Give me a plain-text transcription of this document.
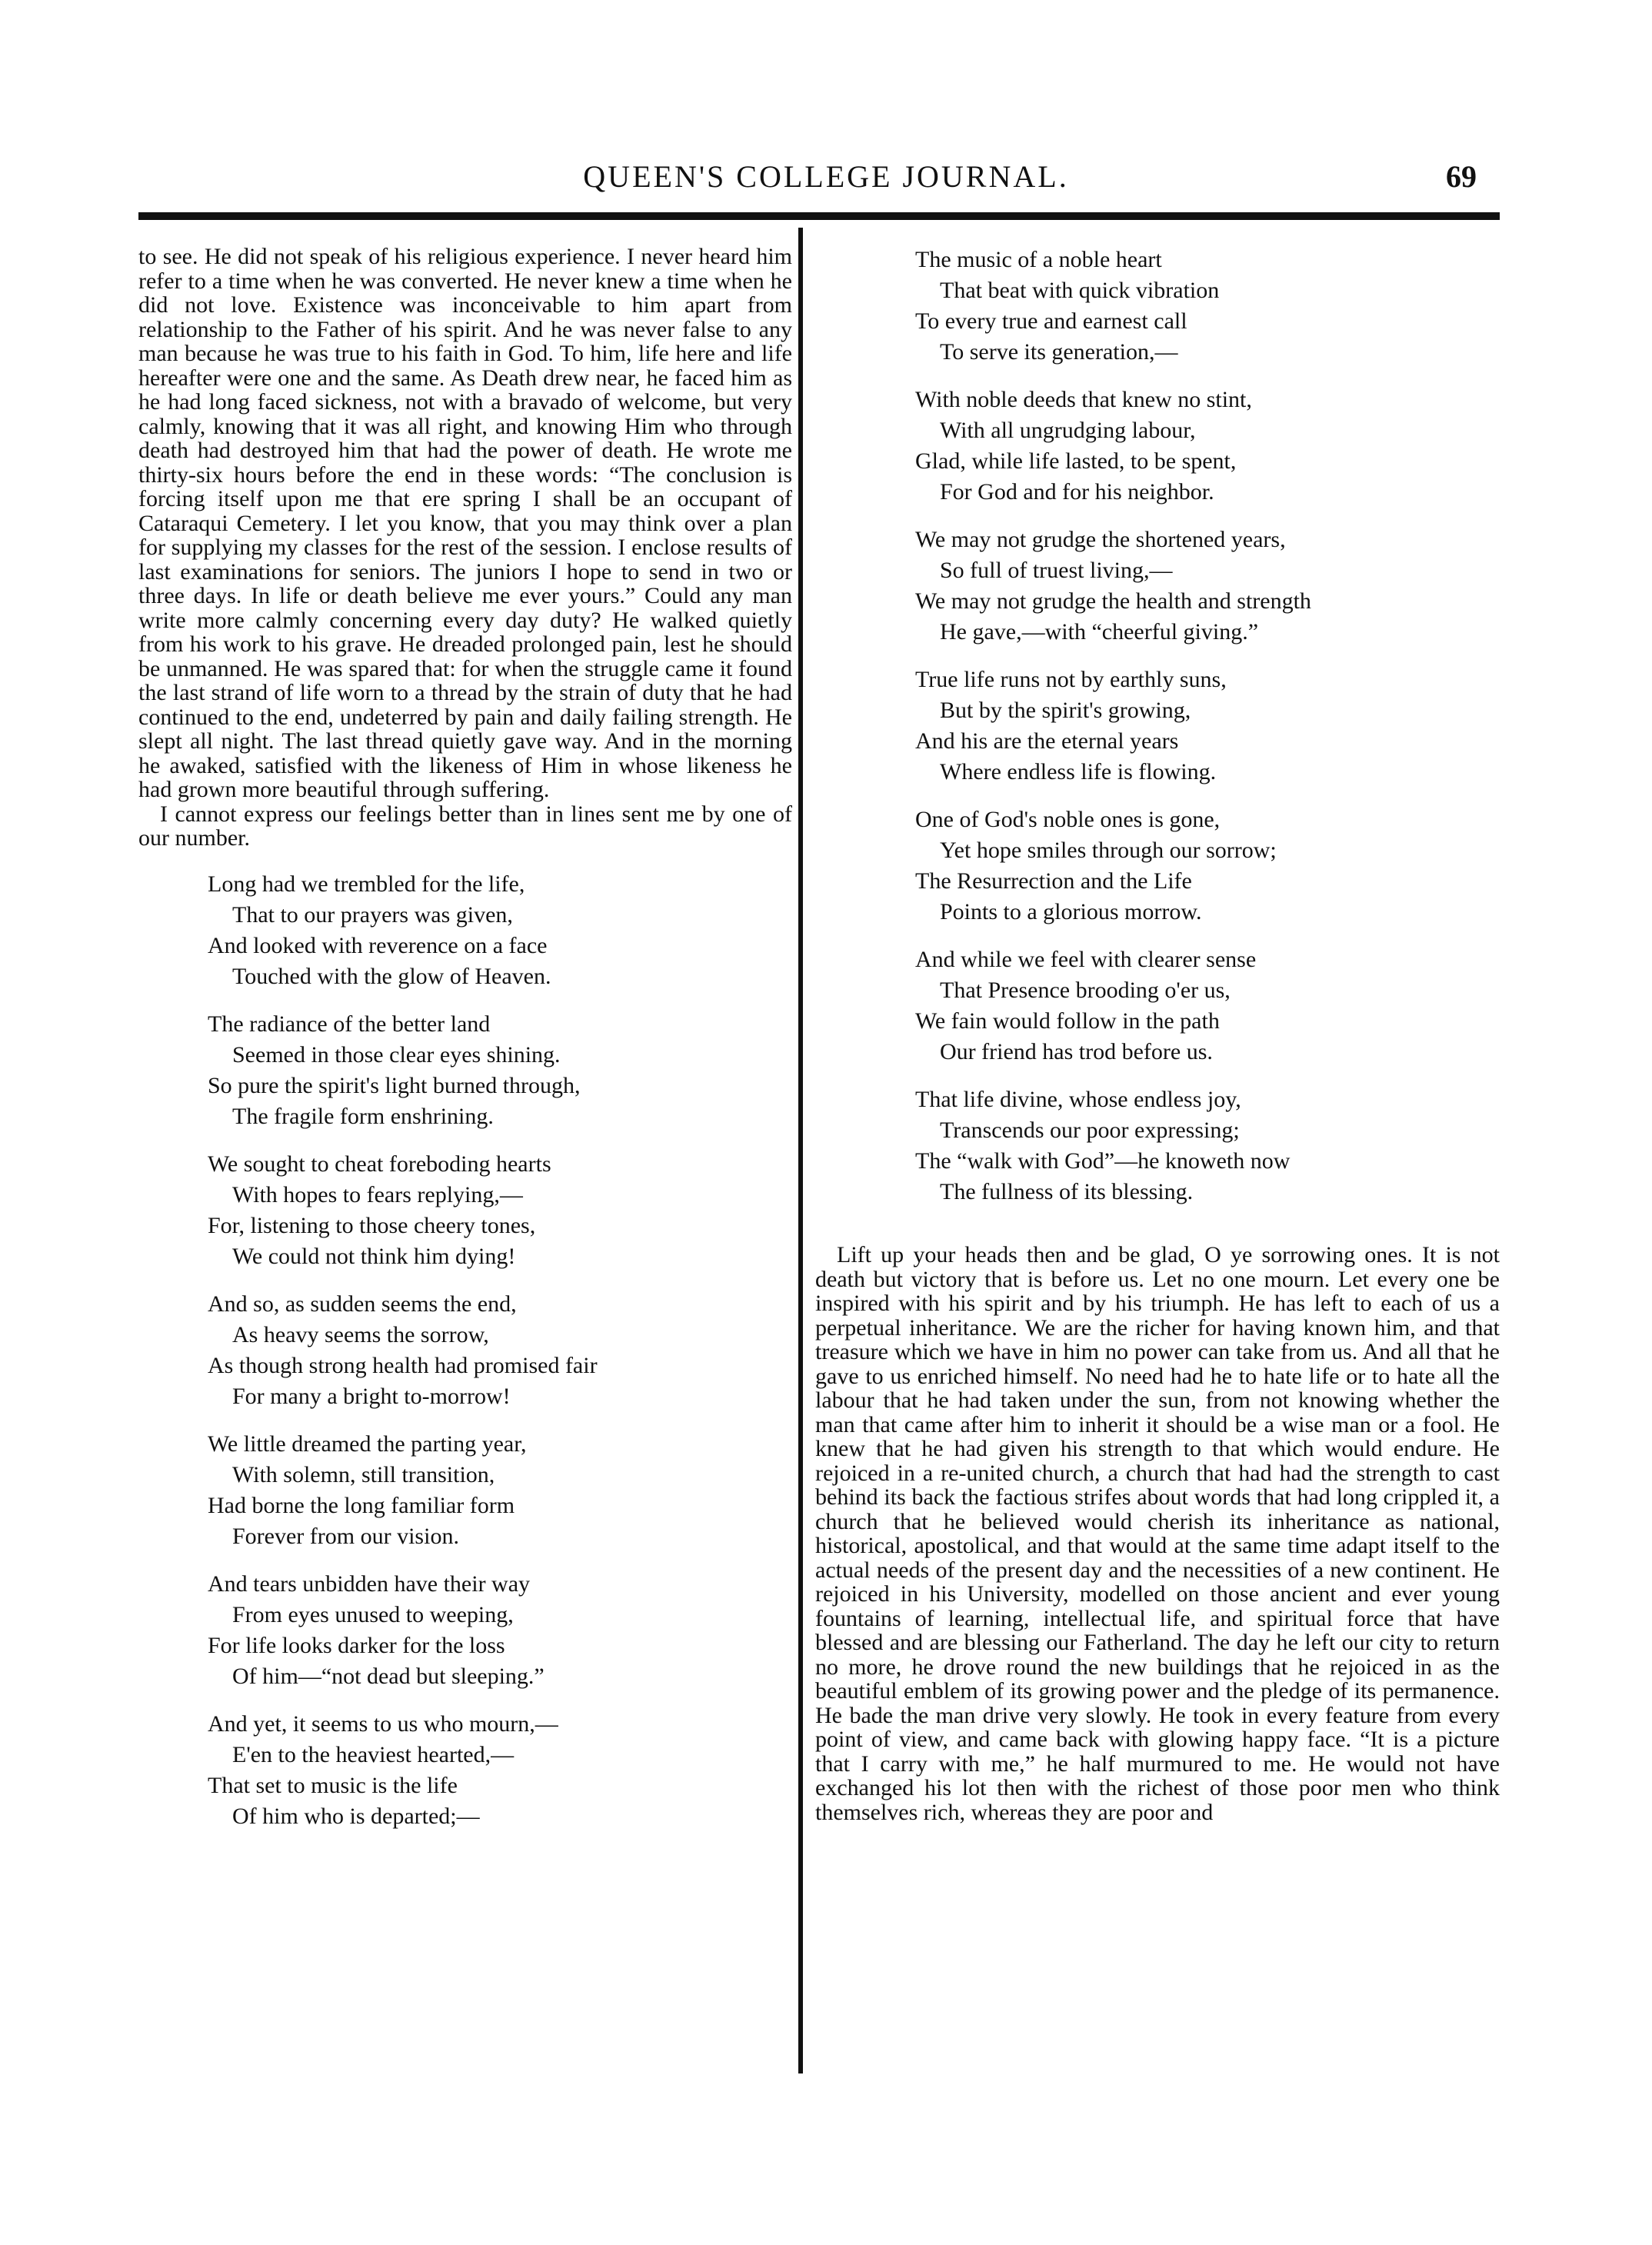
QUEEN'S COLLEGE JOURNAL.	69

to see. He did not speak of his religious experience. I never heard him refer to a time when he was converted. He never knew a time when he did not love. Existence was inconceivable to him apart from relationship to the Father of his spirit. And he was never false to any man because he was true to his faith in God. To him, life here and life hereafter were one and the same. As Death drew near, he faced him as he had long faced sickness, not with a bravado of welcome, but very calmly, knowing that it was all right, and knowing Him who through death had destroyed him that had the power of death. He wrote me thirty-six hours before the end in these words: “The conclusion is forcing itself upon me that ere spring I shall be an occupant of Cataraqui Cemetery. I let you know, that you may think over a plan for supplying my classes for the rest of the session. I enclose results of last examinations for seniors. The juniors I hope to send in two or three days. In life or death believe me ever yours.” Could any man write more calmly concerning every day duty? He walked quietly from his work to his grave. He dreaded prolonged pain, lest he should be unmanned. He was spared that: for when the struggle came it found the last strand of life worn to a thread by the strain of duty that he had continued to the end, undeterred by pain and daily failing strength. He slept all night. The last thread quietly gave way. And in the morning he awaked, satisfied with the likeness of Him in whose likeness he had grown more beautiful through suffering.

I cannot express our feelings better than in lines sent me by one of our number.

Long had we trembled for the life,
That to our prayers was given,
And looked with reverence on a face
Touched with the glow of Heaven.
The radiance of the better land
Seemed in those clear eyes shining.
So pure the spirit's light burned through,
The fragile form enshrining.
We sought to cheat foreboding hearts
With hopes to fears replying,—
For, listening to those cheery tones,
We could not think him dying!
And so, as sudden seems the end,
As heavy seems the sorrow,
As though strong health had promised fair
For many a bright to-morrow!
We little dreamed the parting year,
With solemn, still transition,
Had borne the long familiar form
Forever from our vision.
And tears unbidden have their way
From eyes unused to weeping,
For life looks darker for the loss
Of him—“not dead but sleeping.”
And yet, it seems to us who mourn,—
E'en to the heaviest hearted,—
That set to music is the life
Of him who is departed;—
The music of a noble heart
That beat with quick vibration
To every true and earnest call
To serve its generation,—
With noble deeds that knew no stint,
With all ungrudging labour,
Glad, while life lasted, to be spent,
For God and for his neighbor.
We may not grudge the shortened years,
So full of truest living,—
We may not grudge the health and strength
He gave,—with “cheerful giving.”
True life runs not by earthly suns,
But by the spirit's growing,
And his are the eternal years
Where endless life is flowing.
One of God's noble ones is gone,
Yet hope smiles through our sorrow;
The Resurrection and the Life
Points to a glorious morrow.
And while we feel with clearer sense
That Presence brooding o'er us,
We fain would follow in the path
Our friend has trod before us.
That life divine, whose endless joy,
Transcends our poor expressing;
The “walk with God”—he knoweth now
The fullness of its blessing.

Lift up your heads then and be glad, O ye sorrowing ones. It is not death but victory that is before us. Let no one mourn. Let every one be inspired with his spirit and by his triumph. He has left to each of us a perpetual inheritance. We are the richer for having known him, and that treasure which we have in him no power can take from us. And all that he gave to us enriched himself. No need had he to hate life or to hate all the labour that he had taken under the sun, from not knowing whether the man that came after him to inherit it should be a wise man or a fool. He knew that he had given his strength to that which would endure. He rejoiced in a re-united church, a church that had had the strength to cast behind its back the factious strifes about words that had long crippled it, a church that he believed would cherish its inheritance as national, historical, apostolical, and that would at the same time adapt itself to the actual needs of the present day and the necessities of a new continent. He rejoiced in his University, modelled on those ancient and ever young fountains of learning, intellectual life, and spiritual force that have blessed and are blessing our Fatherland. The day he left our city to return no more, he drove round the new buildings that he rejoiced in as the beautiful emblem of its growing power and the pledge of its permanence. He bade the man drive very slowly. He took in every feature from every point of view, and came back with glowing happy face. “It is a picture that I carry with me,” he half murmured to me. He would not have exchanged his lot then with the richest of those poor men who think themselves rich, whereas they are poor and
